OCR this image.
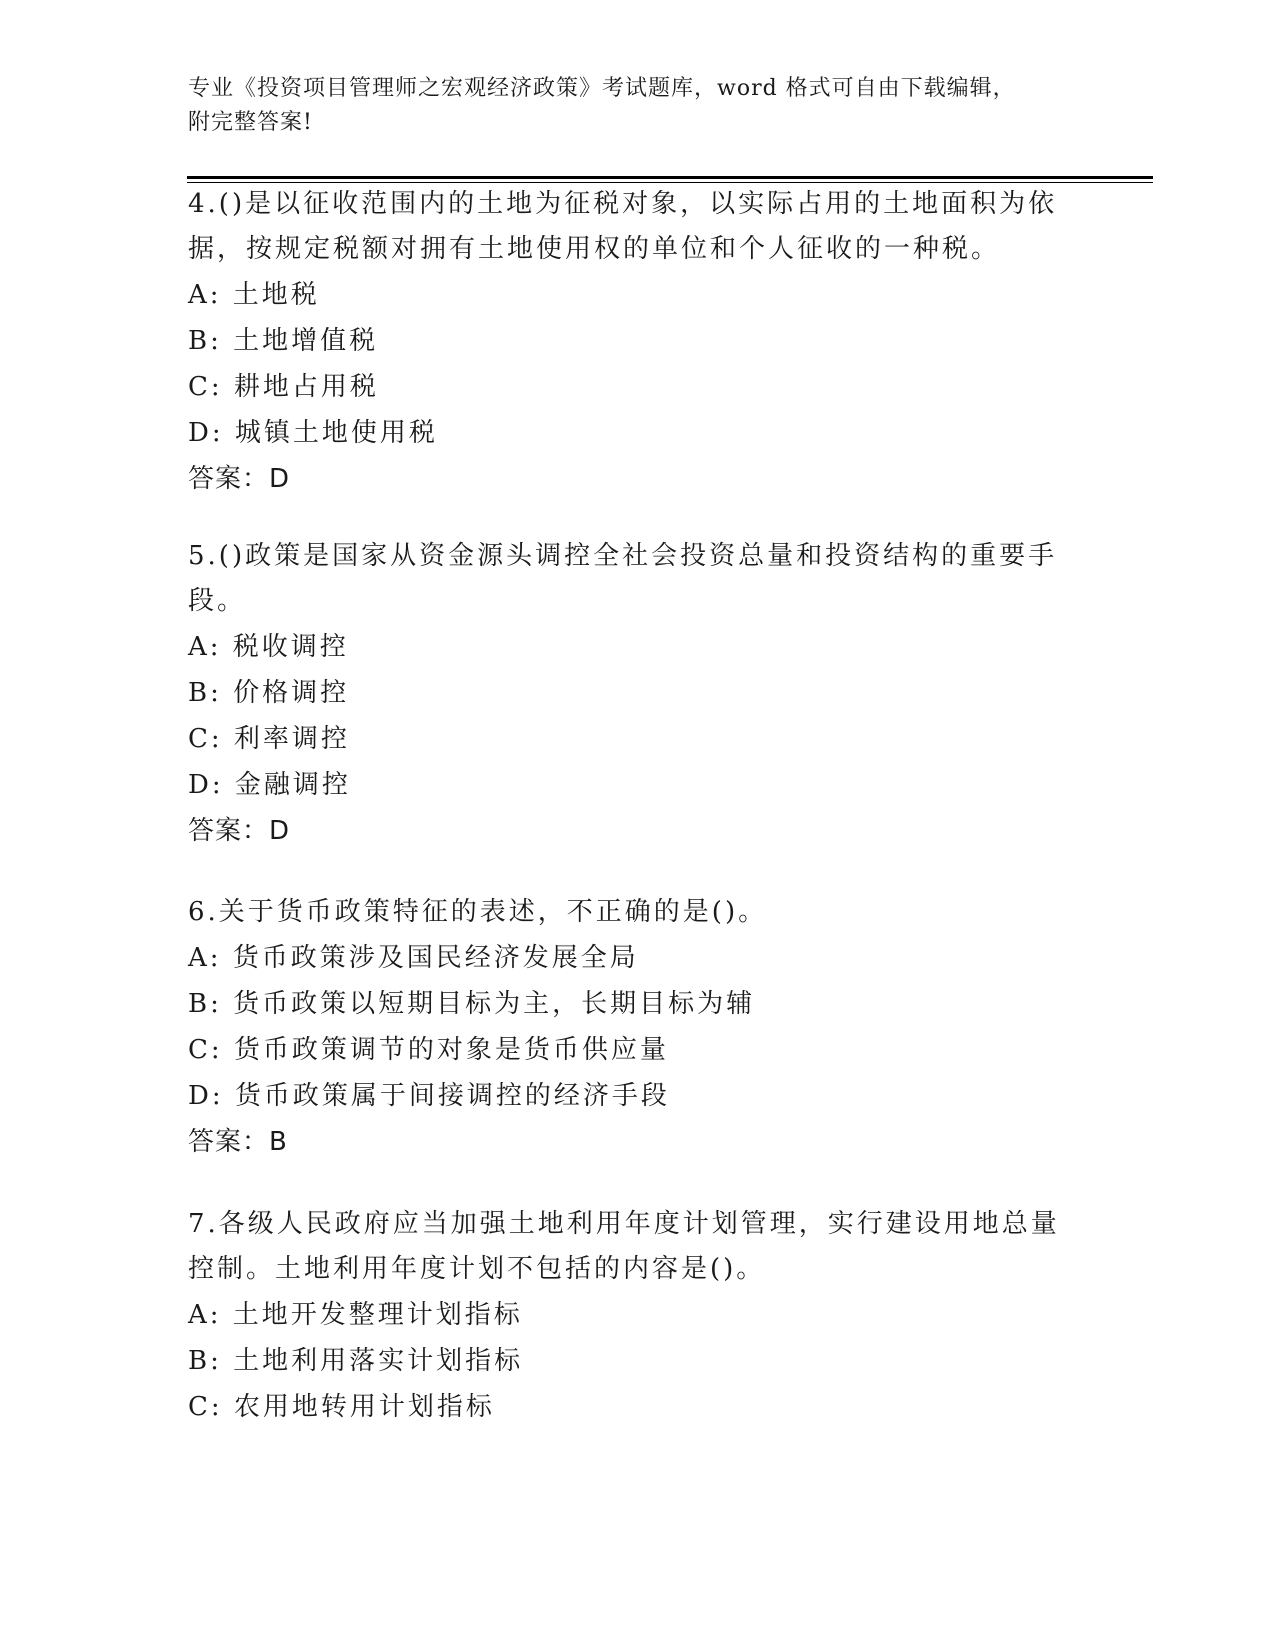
专业《投资项目管理师之宏观经济政策》考试题库，word 格式可自由下载编辑，
附完整答案!

4.()是以征收范围内的土地为征税对象，以实际占用的土地面积为依据，按规定税额对拥有土地使用权的单位和个人征收的一种税。

A: 土地税

B: 土地增值税

C: 耕地占用税

D: 城镇土地使用税

答案：D

5.()政策是国家从资金源头调控全社会投资总量和投资结构的重要手段。

A: 税收调控

B: 价格调控

C: 利率调控

D: 金融调控

答案：D

6.关于货币政策特征的表述，不正确的是()。

A: 货币政策涉及国民经济发展全局

B: 货币政策以短期目标为主，长期目标为辅

C: 货币政策调节的对象是货币供应量

D: 货币政策属于间接调控的经济手段

答案：B

7.各级人民政府应当加强土地利用年度计划管理，实行建设用地总量控制。土地利用年度计划不包括的内容是()。

A: 土地开发整理计划指标

B: 土地利用落实计划指标

C: 农用地转用计划指标
